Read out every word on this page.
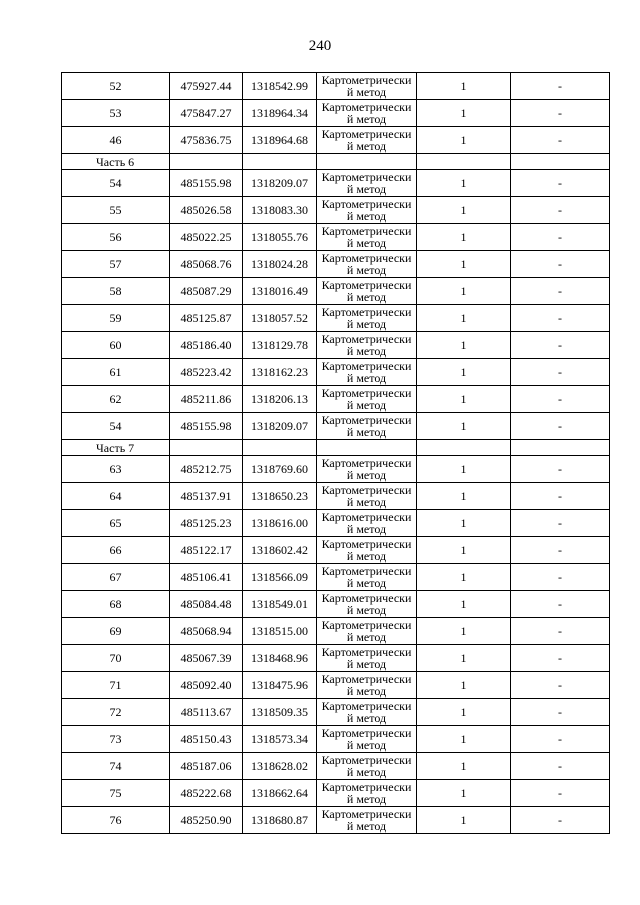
240
52	475927.44	1318542.99	Картометрически й метод	1	-
53	475847.27	1318964.34	Картометрически й метод	1	-
46	475836.75	1318964.68	Картометрически й метод	1	-
Часть 6					
54	485155.98	1318209.07	Картометрически й метод	1	-
55	485026.58	1318083.30	Картометрически й метод	1	-
56	485022.25	1318055.76	Картометрически й метод	1	-
57	485068.76	1318024.28	Картометрически й метод	1	-
58	485087.29	1318016.49	Картометрически й метод	1	-
59	485125.87	1318057.52	Картометрически й метод	1	-
60	485186.40	1318129.78	Картометрически й метод	1	-
61	485223.42	1318162.23	Картометрически й метод	1	-
62	485211.86	1318206.13	Картометрически й метод	1	-
54	485155.98	1318209.07	Картометрически й метод	1	-
Часть 7					
63	485212.75	1318769.60	Картометрически й метод	1	-
64	485137.91	1318650.23	Картометрически й метод	1	-
65	485125.23	1318616.00	Картометрически й метод	1	-
66	485122.17	1318602.42	Картометрически й метод	1	-
67	485106.41	1318566.09	Картометрически й метод	1	-
68	485084.48	1318549.01	Картометрически й метод	1	-
69	485068.94	1318515.00	Картометрически й метод	1	-
70	485067.39	1318468.96	Картометрически й метод	1	-
71	485092.40	1318475.96	Картометрически й метод	1	-
72	485113.67	1318509.35	Картометрически й метод	1	-
73	485150.43	1318573.34	Картометрически й метод	1	-
74	485187.06	1318628.02	Картометрически й метод	1	-
75	485222.68	1318662.64	Картометрически й метод	1	-
76	485250.90	1318680.87	Картометрически й метод	1	-
